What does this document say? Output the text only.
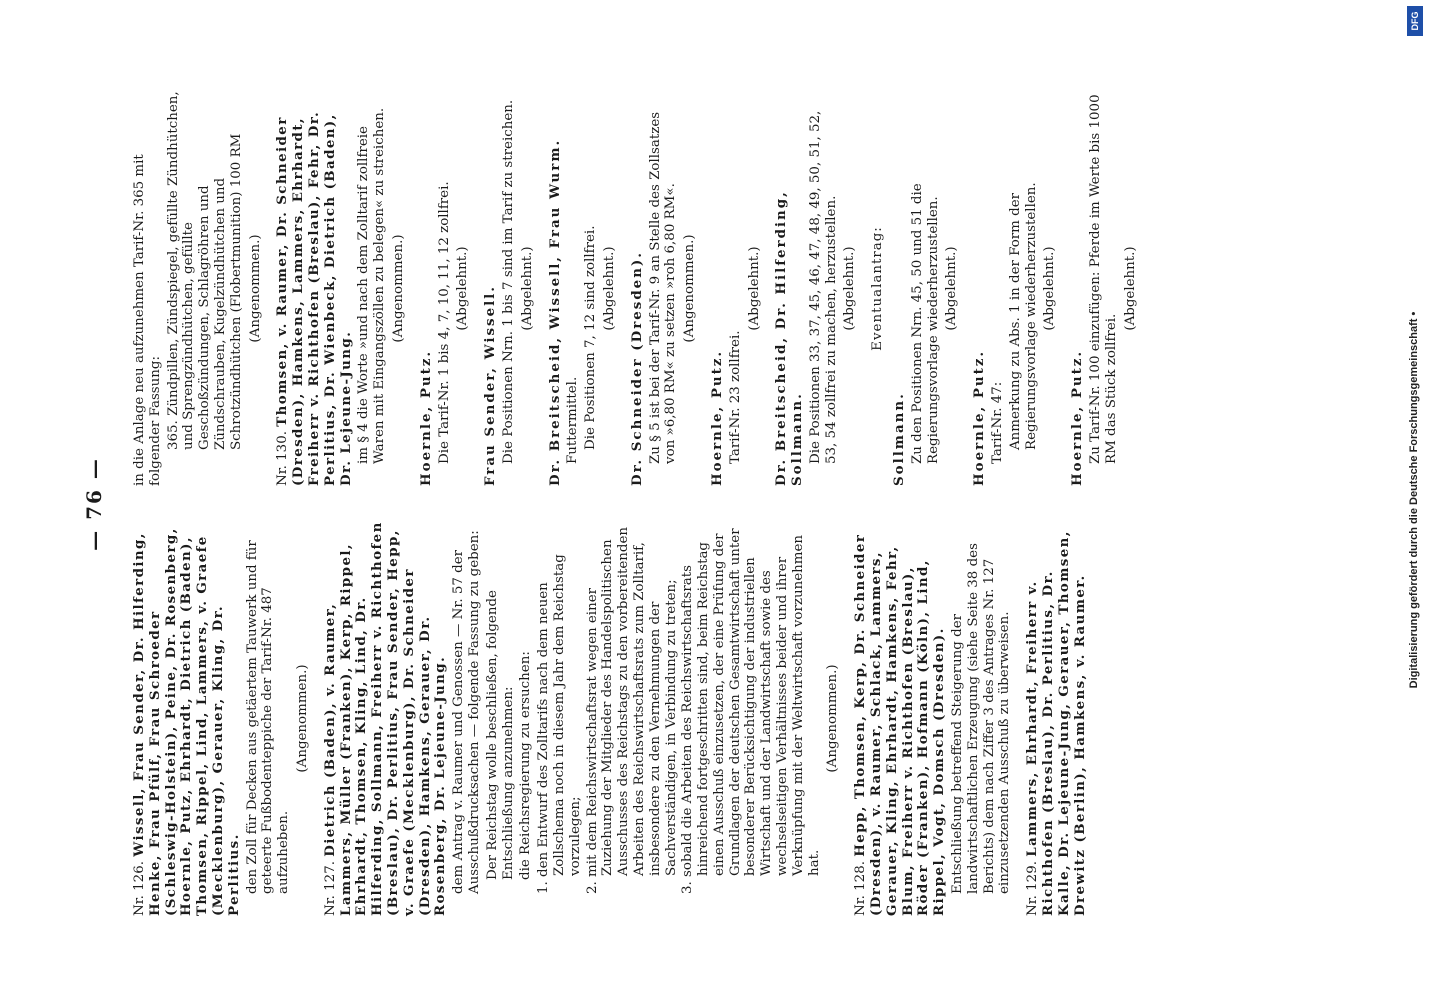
— 76 —
Nr. 126. Wissell, Frau Sender, Dr. Hilferding, Henke, Frau Pfülf, Frau Schroeder (Schleswig-Holstein), Peine, Dr. Rosenberg, Hoernle, Putz, Ehrhardt, Dietrich (Baden), Thomsen, Rippel, Lind, Lammers, v. Graefe (Mecklenburg), Gerauer, Kling, Dr. Perlitius. den Zoll für Decken aus getäertem Tauwerk und für geteerte Fußbodenteppiche der Tarif-Nr. 487 aufzuheben.
(Angenommen.)
Nr. 127. Dietrich (Baden), v. Raumer, Lammers, Müller (Franken), Kerp, Rippel, Ehrhardt, Thomsen, Kling, Lind, Dr. Hilferding, Sollmann, Freiherr v. Richthofen (Breslau), Dr. Perlitius, Frau Sender, Hepp, v. Graefe (Mecklenburg), Dr. Schneider (Dresden), Hamkens, Gerauer, Dr. Rosenberg, Dr. Lejeune-Jung. dem Antrag v. Raumer und Genossen — Nr. 57 der Ausschußdrucksachen — folgende Fassung zu geben: Der Reichstag wolle beschließen, folgende Entschließung anzunehmen: die Reichsregierung zu ersuchen: 1. den Entwurf des Zolltarifs nach dem neuen Zollschema noch in diesem Jahr dem Reichstag vorzulegen; 2. mit dem Reichswirtschaftsrat wegen einer Zuziehung der Mitglieder des Handelspolitischen Ausschusses des Reichstags zu den vorbereitenden Arbeiten des Reichswirtschaftsrats zum Zolltarif, insbesondere zu den Vernehmungen der Sachverständigen, in Verbindung zu treten; 3. sobald die Arbeiten des Reichswirtschaftsrats hinreichend fortgeschritten sind, beim Reichstag einen Ausschuß einzusetzen, der eine Prüfung der Grundlagen der deutschen Gesamtwirtschaft unter besonderer Berücksichtigung der industriellen Wirtschaft und der Landwirtschaft sowie des wechselseitigen Verhältnisses beider und ihrer Verknüpfung mit der Weltwirtschaft vorzunehmen hat.
(Angenommen.)
Nr. 128. Hepp, Thomsen, Kerp, Dr. Schneider (Dresden), v. Raumer, Schlack, Lammers, Gerauer, Kling, Ehrhardt, Hamkens, Fehr, Blum, Freiherr v. Richthofen (Breslau), Röder (Franken), Hofmann (Köln), Lind, Rippel, Vogt, Domsch (Dresden). Entschließung betreffend Steigerung der landwirtschaftlichen Erzeugung (siehe Seite 38 des Berichts) dem nach Ziffer 3 des Antrages Nr. 127 einzusetzenden Ausschuß zu überweisen. Nr. 129. Lammers, Ehrhardt, Freiherr v. Richthofen (Breslau), Dr. Perlitius, Dr. Kalle, Dr. Lejeune-Jung, Gerauer, Thomsen, Drewitz (Berlin), Hamkens, v. Raumer.
in die Anlage neu aufzunehmen Tarif-Nr. 365 mit folgender Fassung: 365. Zündpillen, Zündspiegel, gefüllte Zündhütchen, und Sprengzündhütchen, gefüllte Geschoßzündungen, Schlagröhren und Zündschrauben, Kugelzündhütchen und Schrotzündhütchen (Flobertmunition) 100 RM (Angenommen.)
Nr. 130. Thomsen, v. Raumer, Dr. Schneider (Dresden), Hamkens, Lammers, Ehrhardt, Freiherr v. Richthofen (Breslau), Fehr, Dr. Perlitius, Dr. Wienbeck, Dietrich (Baden), Dr. Lejeune-Jung. im § 4 die Worte »und nach dem Zolltarif zollfreie Waren mit Eingangszöllen zu belegen« zu streichen. (Angenommen.)
Hoernle, Putz. Die Tarif-Nr. 1 bis 4, 7, 10, 11, 12 zollfrei. (Abgelehnt.) Frau Sender, Wissell. Die Positionen Nrn. 1 bis 7 sind im Tarif zu streichen. (Abgelehnt.) Dr. Breitscheid, Wissell, Frau Wurm. Futtermittel. Die Positionen 7, 12 sind zollfrei. (Abgelehnt.) Dr. Schneider (Dresden). Zu § 5 ist bei der Tarif-Nr. 9 an Stelle des Zollsatzes von »6,80 RM« zu setzen »roh 6,80 RM«. (Angenommen.)
Hoernle, Putz. Tarif-Nr. 23 zollfrei.
(Abgelehnt.) Dr. Breitscheid, Dr. Hilferding, Sollmann. Die Positionen 33, 37, 45, 46, 47, 48, 49, 50, 51, 52, 53, 54 zollfrei zu machen, herzustellen. (Abgelehnt.) Eventualantrag:
Sollmann. Zu den Positionen Nrn. 45, 50 und 51 die Regierungsvorlage wiederherzustellen. (Abgelehnt.)
Hoernle, Putz. Tarif-Nr. 47: Anmerkung zu Abs. 1 in der Form der Regierungsvorlage wiederherzustellen. (Abgelehnt.)
Hoernle, Putz. Zu Tarif-Nr. 100 einzufügen: Pferde im Werte bis 1000 RM das Stück zollfrei.
(Abgelehnt.)
DFG
Digitalisierung gefördert durch die Deutsche Forschungsgemeinschaft •
